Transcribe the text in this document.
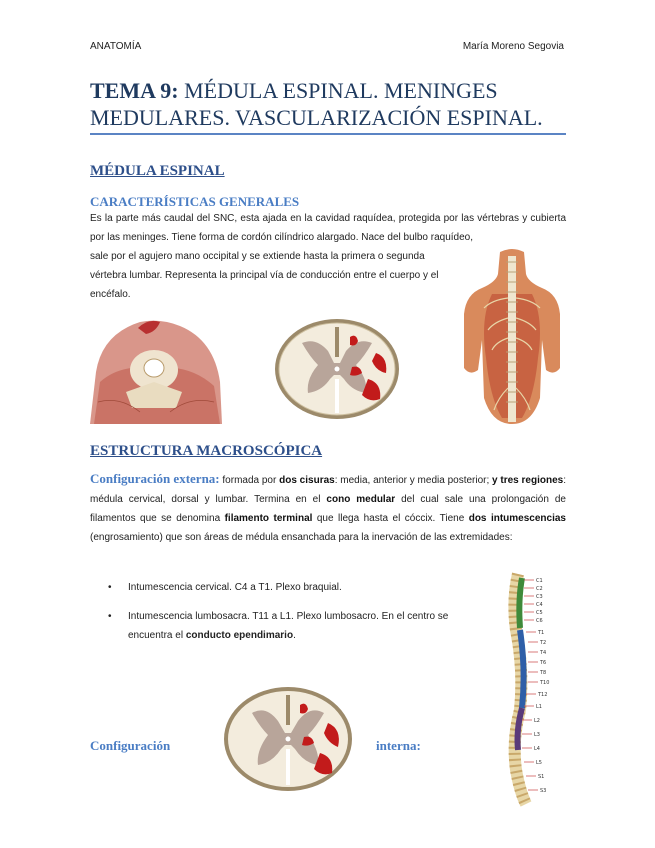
ANATOMÍA	María Moreno Segovia
TEMA 9: MÉDULA ESPINAL. MENINGES MEDULARES. VASCULARIZACIÓN ESPINAL.
MÉDULA ESPINAL
CARACTERÍSTICAS GENERALES
Es la parte más caudal del SNC, esta ajada en la cavidad raquídea, protegida por las vértebras y cubierta por las meninges. Tiene forma de cordón cilíndrico alargado. Nace del bulbo raquídeo,
sale por el agujero mano occipital y se extiende hasta la primera o segunda vértebra lumbar. Representa la principal vía de conducción entre el cuerpo y el encéfalo.
ESTRUCTURA MACROSCÓPICA
Configuración externa: formada por dos cisuras: media, anterior y media posterior; y tres regiones: médula cervical, dorsal y lumbar. Termina en el cono medular del cual sale una prolongación de filamentos que se denomina filamento terminal que llega hasta el cóccix. Tiene dos intumescencias (engrosamiento) que son áreas de médula ensanchada para la inervación de las extremidades:
• Intumescencia cervical. C4 a T1. Plexo braquial.
• Intumescencia lumbosacra. T11 a L1. Plexo lumbosacro. En el centro se encuentra el conducto ependimario.
C1
C2
C3
C4
C5
C6
T1
T2
T4
T6
T8
T10
T12
L1
L2
L3
L4
L5
S1
S3
Configuración	interna:
